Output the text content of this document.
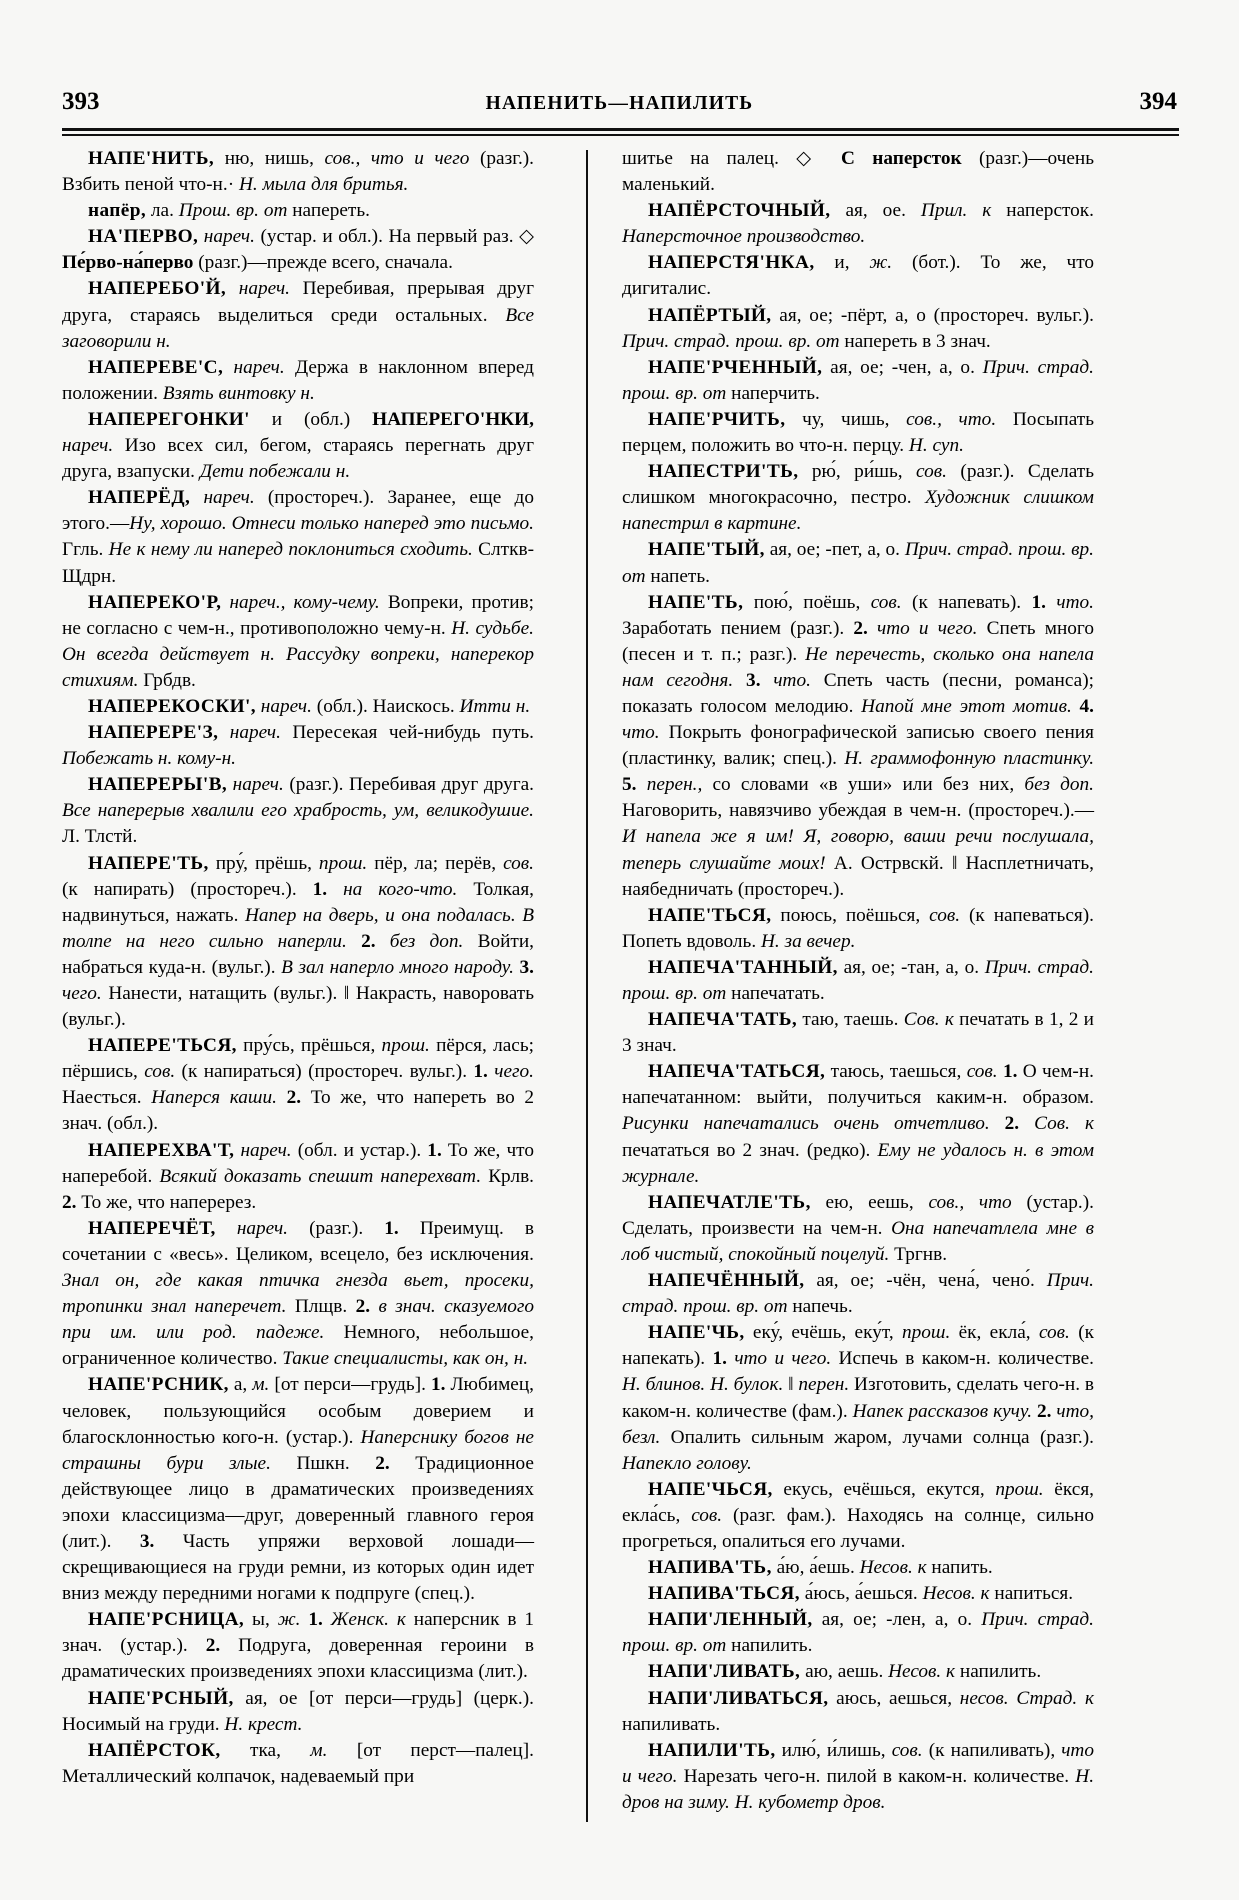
393	НАПЕНИТЬ—НАПИЛИТЬ	394

НАПЕ'НИТЬ, ню, нишь, сов., что и чего (разг.). Взбить пеной что-н.· Н. мыла для бритья.

напёр, ла. Прош. вр. от напереть.

НА'ПЕРВО, нареч. (устар. и обл.). На первый раз. ◇ Пе́рво-на́перво (разг.)—прежде всего, сначала.

НАПЕРЕБО'Й, нареч. Перебивая, прерывая друг друга, стараясь выделиться среди остальных. Все заговорили н.

НАПЕРЕВЕ'С, нареч. Держа в наклонном вперед положении. Взять винтовку н.

НАПЕРЕГОНКИ' и (обл.) НАПЕРЕГО'НКИ, нареч. Изо всех сил, бегом, стараясь перегнать друг друга, взапуски. Дети побежали н.

НАПЕРЁД, нареч. (простореч.). Заранее, еще до этого.—Ну, хорошо. Отнеси только наперед это письмо. Ггль. Не к нему ли наперед поклониться сходить. Слткв-Щдрн.

НАПЕРЕКО'Р, нареч., кому-чему. Вопреки, против; не согласно с чем-н., противоположно чему-н. Н. судьбе. Он всегда действует н. Рассудку вопреки, наперекор стихиям. Грбдв.

НАПЕРЕКОСКИ', нареч. (обл.). Наискось. Итти н.

НАПЕРЕРЕ'З, нареч. Пересекая чей-нибудь путь. Побежать н. кому-н.

НАПЕРЕРЫ'В, нареч. (разг.). Перебивая друг друга. Все наперерыв хвалили его храбрость, ум, великодушие. Л. Тлстй.

НАПЕРЕ'ТЬ, пру́, прёшь, прош. пёр, ла; перёв, сов. (к напирать) (простореч.). 1. на кого-что. Толкая, надвинуться, нажать. Напер на дверь, и она подалась. В толпе на него сильно наперли. 2. без доп. Войти, набраться куда-н. (вульг.). В зал наперло много народу. 3. чего. Нанести, натащить (вульг.). ‖ Накрасть, наворовать (вульг.).

НАПЕРЕ'ТЬСЯ, пру́сь, прёшься, прош. пёрся, лась; пёршись, сов. (к напираться) (простореч. вульг.). 1. чего. Наесться. Наперся каши. 2. То же, что напереть во 2 знач. (обл.).

НАПЕРЕХВА'Т, нареч. (обл. и устар.). 1. То же, что наперебой. Всякий доказать спешит наперехват. Крлв. 2. То же, что наперерез.

НАПЕРЕЧЁТ, нареч. (разг.). 1. Преимущ. в сочетании с «весь». Целиком, всецело, без исключения. Знал он, где какая птичка гнезда вьет, просеки, тропинки знал наперечет. Плщв. 2. в знач. сказуемого при им. или род. падеже. Немного, небольшое, ограниченное количество. Такие специалисты, как он, н.

НАПЕ'РСНИК, а, м. [от перси—грудь]. 1. Любимец, человек, пользующийся особым доверием и благосклонностью кого-н. (устар.). Наперснику богов не страшны бури злые. Пшкн. 2. Традиционное действующее лицо в драматических произведениях эпохи классицизма—друг, доверенный главного героя (лит.). 3. Часть упряжи верховой лошади—скрещивающиеся на груди ремни, из которых один идет вниз между передними ногами к подпруге (спец.).

НАПЕ'РСНИЦА, ы, ж. 1. Женск. к наперсник в 1 знач. (устар.). 2. Подруга, доверенная героини в драматических произведениях эпохи классицизма (лит.).

НАПЕ'РСНЫЙ, ая, ое [от перси—грудь] (церк.). Носимый на груди. Н. крест.

НАПЁРСТОК, тка, м. [от перст—палец]. Металлический колпачок, надеваемый при

шитье на палец. ◇ С наперсток (разг.)—очень маленький.

НАПЁРСТОЧНЫЙ, ая, ое. Прил. к наперсток. Наперсточное производство.

НАПЕРСТЯ'НКА, и, ж. (бот.). То же, что дигиталис.

НАПЁРТЫЙ, ая, ое; -пёрт, а, о (простореч. вульг.). Прич. страд. прош. вр. от напереть в 3 знач.

НАПЕ'РЧЕННЫЙ, ая, ое; -чен, а, о. Прич. страд. прош. вр. от наперчить.

НАПЕ'РЧИТЬ, чу, чишь, сов., что. Посыпать перцем, положить во что-н. перцу. Н. суп.

НАПЕСТРИ'ТЬ, рю́, ри́шь, сов. (разг.). Сделать слишком многокрасочно, пестро. Художник слишком напестрил в картине.

НАПЕ'ТЫЙ, ая, ое; -пет, а, о. Прич. страд. прош. вр. от напеть.

НАПЕ'ТЬ, пою́, поёшь, сов. (к напевать). 1. что. Заработать пением (разг.). 2. что и чего. Спеть много (песен и т. п.; разг.). Не перечесть, сколько она напела нам сегодня. 3. что. Спеть часть (песни, романса); показать голосом мелодию. Напой мне этот мотив. 4. что. Покрыть фонографической записью своего пения (пластинку, валик; спец.). Н. граммофонную пластинку. 5. перен., со словами «в уши» или без них, без доп. Наговорить, навязчиво убеждая в чем-н. (простореч.).—И напела же я им! Я, говорю, ваши речи послушала, теперь слушайте моих! А. Острвскй. ‖ Насплетничать, наябедничать (простореч.).

НАПЕ'ТЬСЯ, поюсь, поёшься, сов. (к напеваться). Попеть вдоволь. Н. за вечер.

НАПЕЧА'ТАННЫЙ, ая, ое; -тан, а, о. Прич. страд. прош. вр. от напечатать.

НАПЕЧА'ТАТЬ, таю, таешь. Сов. к печатать в 1, 2 и 3 знач.

НАПЕЧА'ТАТЬСЯ, таюсь, таешься, сов. 1. О чем-н. напечатанном: выйти, получиться каким-н. образом. Рисунки напечатались очень отчетливо. 2. Сов. к печататься во 2 знач. (редко). Ему не удалось н. в этом журнале.

НАПЕЧАТЛЕ'ТЬ, ею, еешь, сов., что (устар.). Сделать, произвести на чем-н. Она напечатлела мне в лоб чистый, спокойный поцелуй. Тргнв.

НАПЕЧЁННЫЙ, ая, ое; -чён, чена́, чено́. Прич. страд. прош. вр. от напечь.

НАПЕ'ЧЬ, еку́, ечёшь, еку́т, прош. ёк, екла́, сов. (к напекать). 1. что и чего. Испечь в каком-н. количестве. Н. блинов. Н. булок. ‖ перен. Изготовить, сделать чего-н. в каком-н. количестве (фам.). Напек рассказов кучу. 2. что, безл. Опалить сильным жаром, лучами солнца (разг.). Напекло голову.

НАПЕ'ЧЬСЯ, екусь, ечёшься, екутся, прош. ёкся, екла́сь, сов. (разг. фам.). Находясь на солнце, сильно прогреться, опалиться его лучами.

НАПИВА'ТЬ, а́ю, а́ешь. Несов. к напить.

НАПИВА'ТЬСЯ, а́юсь, а́ешься. Несов. к напиться.

НАПИ'ЛЕННЫЙ, ая, ое; -лен, а, о. Прич. страд. прош. вр. от напилить.

НАПИ'ЛИВАТЬ, аю, аешь. Несов. к напилить.

НАПИ'ЛИВАТЬСЯ, аюсь, аешься, несов. Страд. к напиливать.

НАПИЛИ'ТЬ, илю́, и́лишь, сов. (к напиливать), что и чего. Нарезать чего-н. пилой в каком-н. количестве. Н. дров на зиму. Н. кубометр дров.
